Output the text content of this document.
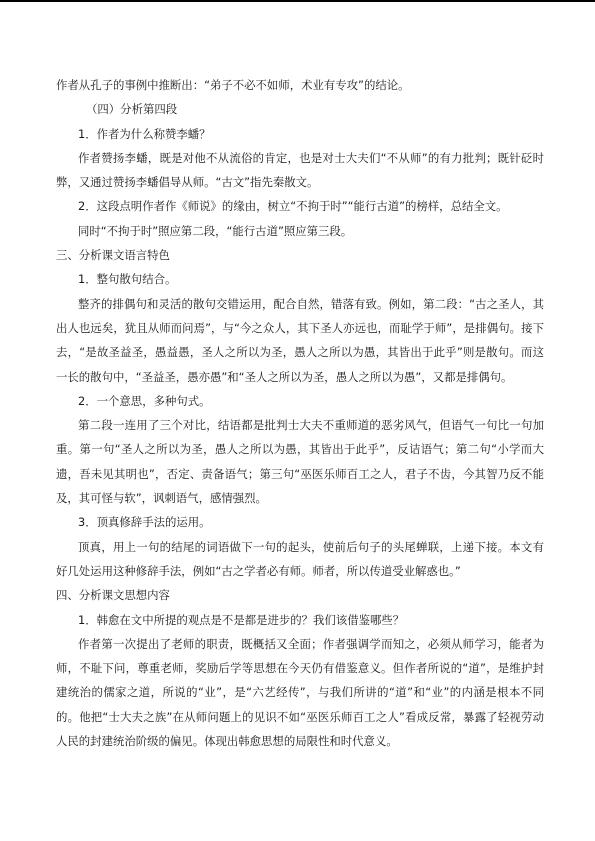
作者从孔子的事例中推断出：“弟子不必不如师，术业有专攻”的结论。

（四）分析第四段

1．作者为什么称赞李蟠？

作者赞扬李蟠，既是对他不从流俗的肯定，也是对士大夫们“不从师”的有力批判；既针砭时弊，又通过赞扬李蟠倡导从师。“古文”指先秦散文。

2．这段点明作者作《师说》的缘由，树立“不拘于时”“能行古道”的榜样，总结全文。

同时“不拘于时”照应第二段，“能行古道”照应第三段。

三、分析课文语言特色

1．整句散句结合。

整齐的排偶句和灵活的散句交错运用，配合自然，错落有致。例如，第二段：“古之圣人，其出人也远矣，犹且从师而问焉”，与“今之众人，其下圣人亦远也，而耻学于师”，是排偶句。接下去，“是故圣益圣，愚益愚，圣人之所以为圣，愚人之所以为愚，其皆出于此乎”则是散句。而这一长的散句中，“圣益圣，愚亦愚”和“圣人之所以为圣，愚人之所以为愚”，又都是排偶句。

2．一个意思，多种句式。

第二段一连用了三个对比，结语都是批判士大夫不重师道的恶劣风气，但语气一句比一句加重。第一句“圣人之所以为圣，愚人之所以为愚，其皆出于此乎”，反诘语气；第二句“小学而大遗，吾未见其明也”，否定、责备语气；第三句“巫医乐师百工之人，君子不齿，今其智乃反不能及，其可怪与软”，讽刺语气，感情强烈。

3．顶真修辞手法的运用。

顶真，用上一句的结尾的词语做下一句的起头，使前后句子的头尾蝉联，上递下接。本文有好几处运用这种修辞手法，例如“古之学者必有师。师者，所以传道受业解惑也。”

四、分析课文思想内容

1．韩愈在文中所提的观点是不是都是进步的？我们该借鉴哪些？

作者第一次提出了老师的职责，既概括又全面；作者强调学而知之，必须从师学习，能者为师，不耻下问，尊重老师，奖励后学等思想在今天仍有借鉴意义。但作者所说的“道”，是维护封建统治的儒家之道，所说的“业”，是“六艺经传”，与我们所讲的“道”和“业”的内涵是根本不同的。他把“士大夫之族”在从师问题上的见识不如“巫医乐师百工之人”看成反常，暴露了轻视劳动人民的封建统治阶级的偏见。体现出韩愈思想的局限性和时代意义。
